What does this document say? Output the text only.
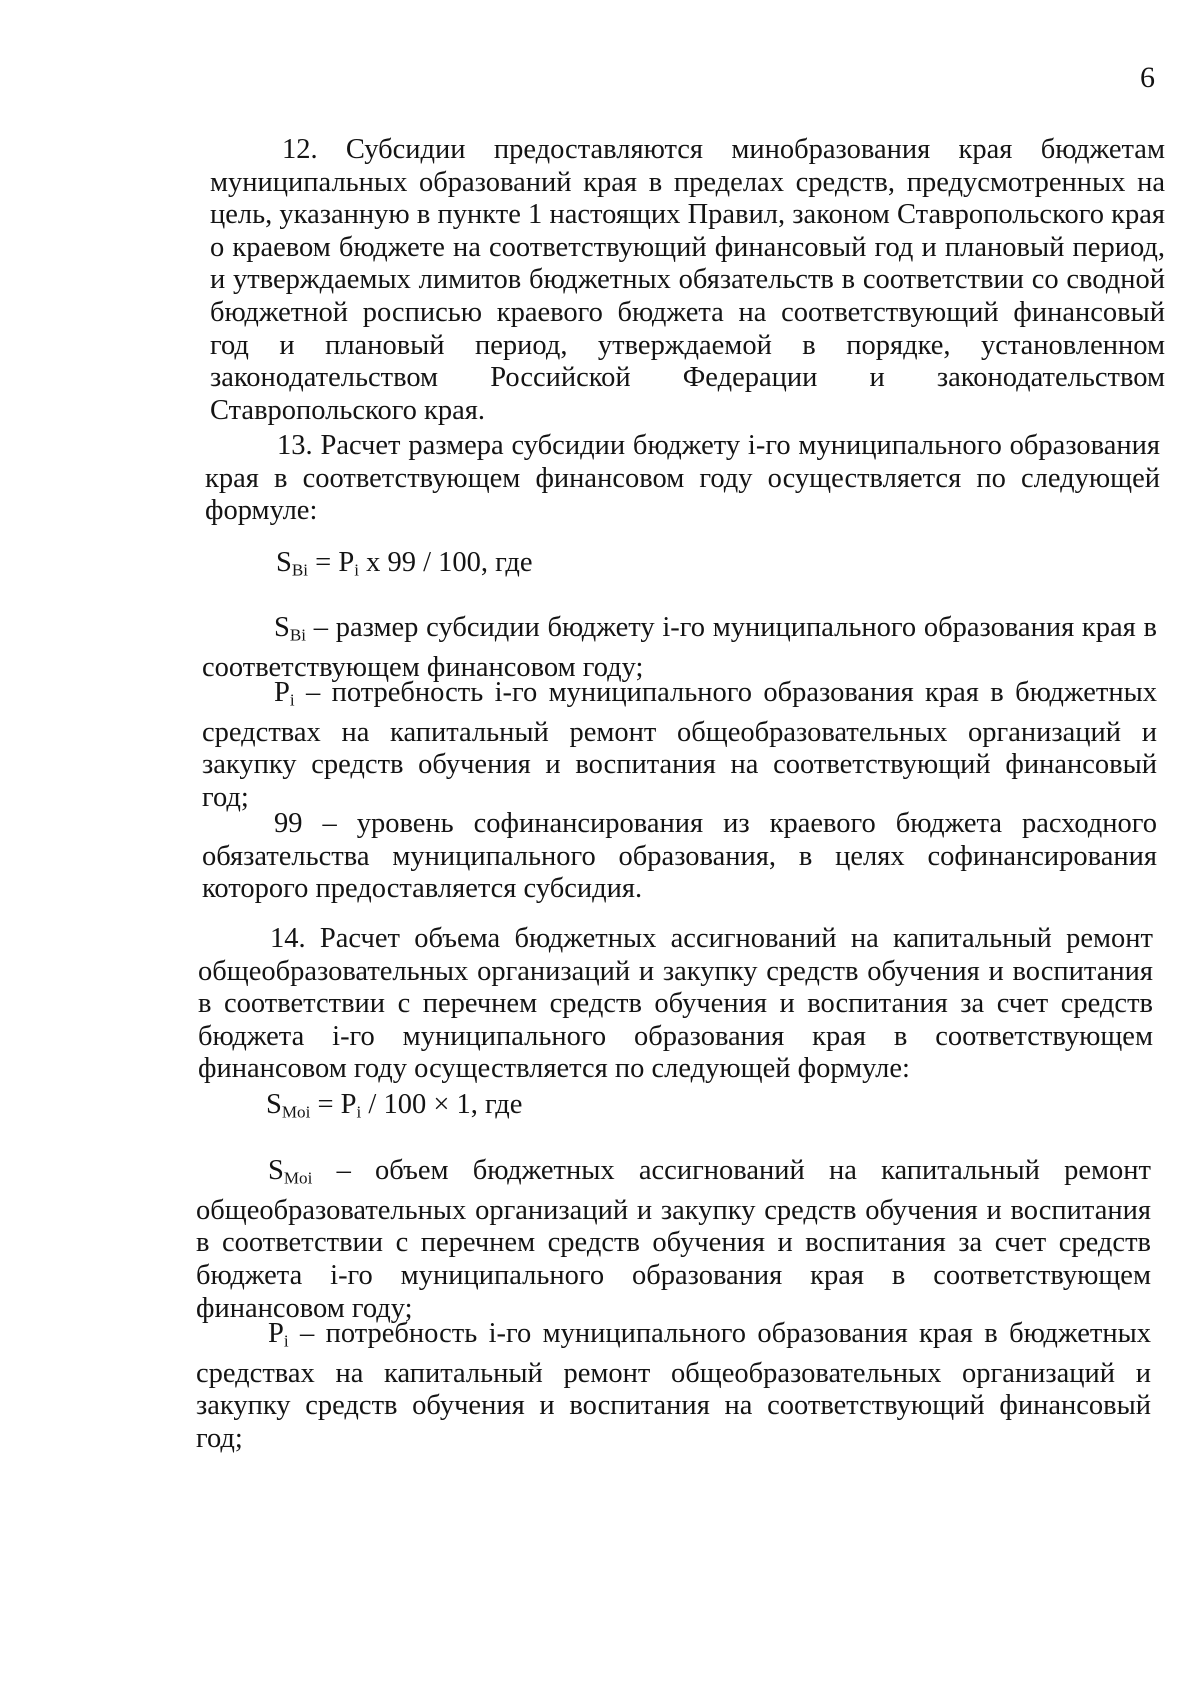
6

12. Субсидии предоставляются минобразования края бюджетам муниципальных образований края в пределах средств, предусмотренных на цель, указанную в пункте 1 настоящих Правил, законом Ставропольского края о краевом бюджете на соответствующий финансовый год и плановый период, и утверждаемых лимитов бюджетных обязательств в соответствии со сводной бюджетной росписью краевого бюджета на соответствующий финансовый год и плановый период, утверждаемой в порядке, установленном законодательством Российской Федерации и законодательством Ставропольского края.

13. Расчет размера субсидии бюджету i-го муниципального образования края в соответствующем финансовом году осуществляется по следующей формуле:

$S_{Bi} = P_i$ x 99 / 100, где

$S_{Bi}$ – размер субсидии бюджету i-го муниципального образования края в соответствующем финансовом году;

$P_i$ – потребность i-го муниципального образования края в бюджетных средствах на капитальный ремонт общеобразовательных организаций и закупку средств обучения и воспитания на соответствующий финансовый год;

99 – уровень софинансирования из краевого бюджета расходного обязательства муниципального образования, в целях софинансирования которого предоставляется субсидия.

14. Расчет объема бюджетных ассигнований на капитальный ремонт общеобразовательных организаций и закупку средств обучения и воспитания в соответствии с перечнем средств обучения и воспитания за счет средств бюджета i-го муниципального образования края в соответствующем финансовом году осуществляется по следующей формуле:

$S_{Moi} = P_i / 100 \times 1$, где

$S_{Moi}$ – объем бюджетных ассигнований на капитальный ремонт общеобразовательных организаций и закупку средств обучения и воспитания в соответствии с перечнем средств обучения и воспитания за счет средств бюджета i-го муниципального образования края в соответствующем финансовом году;

$P_i$ – потребность i-го муниципального образования края в бюджетных средствах на капитальный ремонт общеобразовательных организаций и закупку средств обучения и воспитания на соответствующий финансовый год;
